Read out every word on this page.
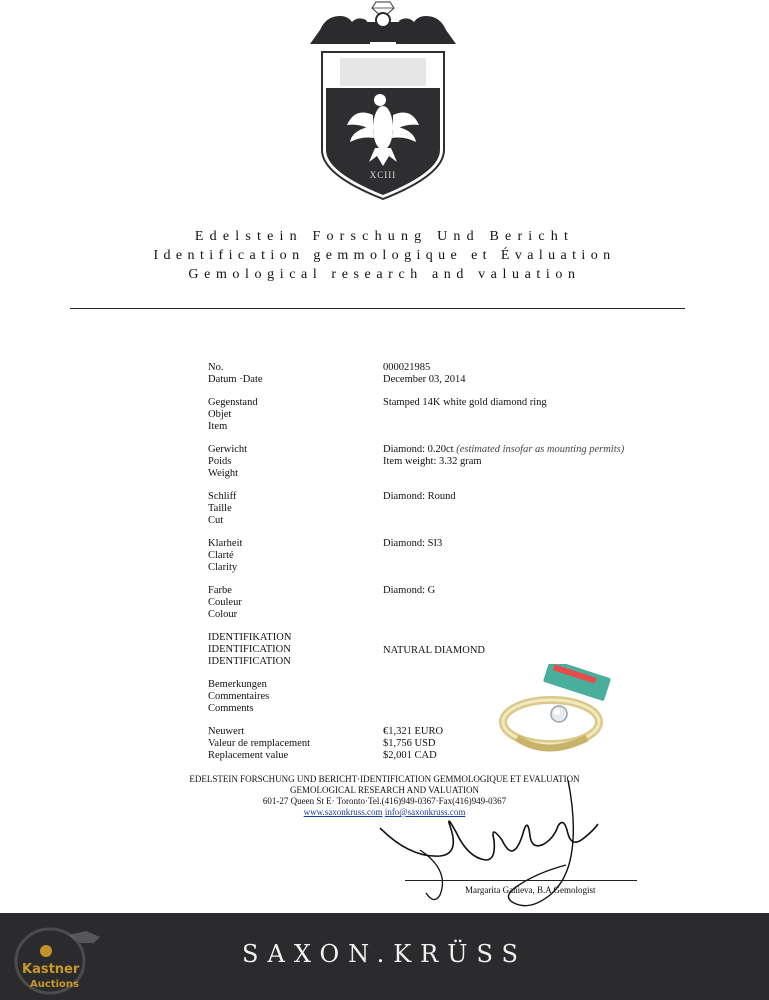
XCIII
Edelstein Forschung Und Bericht
Identification gemmologique et Évaluation
Gemological research and valuation
No.
Datum ·Date
000021985
December 03, 2014
Gegenstand
Objet
Item
Stamped 14K white gold diamond ring
Gerwicht
Poids
Weight
Diamond: 0.20ct (estimated insofar as mounting permits)
Item weight: 3.32 gram
Schliff
Taille
Cut
Diamond: Round
Klarheit
Clarté
Clarity
Diamond: SI3
Farbe
Couleur
Colour
Diamond: G
IDENTIFIKATION
IDENTIFICATION
IDENTIFICATION
NATURAL DIAMOND
Bemerkungen
Commentaires
Comments
Neuwert
Valeur de remplacement
Replacement value
€1,321 EURO
$1,756 USD
$2,001 CAD
EDELSTEIN FORSCHUNG UND BERICHT·IDENTIFICATION GEMMOLOGIQUE ET EVALUATION
GEMOLOGICAL RESEARCH AND VALUATION
601-27 Queen St E· Toronto·Tel.(416)949-0367·Fax(416)949-0367
www.saxonkruss.com info@saxonkruss.com
Margarita Ganieva, B.A Gemologist
SAXON.KRÜSS
Kastner
Auctions
